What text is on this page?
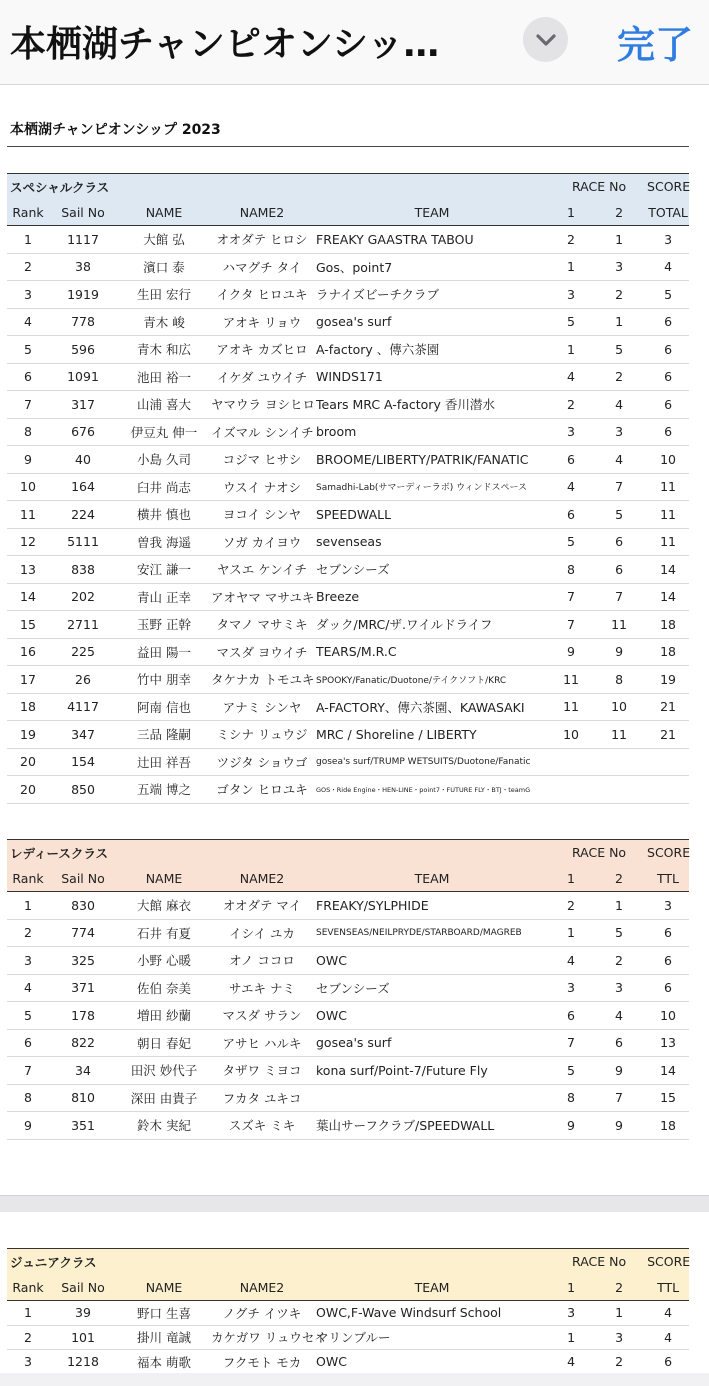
本栖湖チャンピオンシッ…	完了
本栖湖チャンピオンシップ 2023
スペシャルクラス					RACE No		SCORE
Rank	Sail No	NAME	NAME2	TEAM	1	2	TOTAL
1	1117	大館 弘	オオダテ ヒロシ	FREAKY GAASTRA TABOU	2	1	3
2	38	濱口 泰	ハマグチ タイ	Gos、point7	1	3	4
3	1919	生田 宏行	イクタ ヒロユキ	ラナイズビーチクラブ	3	2	5
4	778	青木 峻	アオキ リョウ	gosea's surf	5	1	6
5	596	青木 和広	アオキ カズヒロ	A-factory 、傳六茶園	1	5	6
6	1091	池田 裕一	イケダ ユウイチ	WINDS171	4	2	6
7	317	山浦 喜大	ヤマウラ ヨシヒロ	Tears MRC A-factory 香川潜水	2	4	6
8	676	伊豆丸 伸一	イズマル シンイチ	broom	3	3	6
9	40	小島 久司	コジマ ヒサシ	BROOME/LIBERTY/PATRIK/FANATIC	6	4	10
10	164	臼井 尚志	ウスイ ナオシ	Samadhi-Lab(サマーディーラボ) ウィンドスペース	4	7	11
11	224	横井 慎也	ヨコイ シンヤ	SPEEDWALL	6	5	11
12	5111	曽我 海遥	ソガ カイヨウ	sevenseas	5	6	11
13	838	安江 謙一	ヤスエ ケンイチ	セブンシーズ	8	6	14
14	202	青山 正幸	アオヤマ マサユキ	Breeze	7	7	14
15	2711	玉野 正幹	タマノ マサミキ	ダック/MRC/ザ.ワイルドライフ	7	11	18
16	225	益田 陽一	マスダ ヨウイチ	TEARS/M.R.C	9	9	18
17	26	竹中 朋幸	タケナカ トモユキ	SPOOKY/Fanatic/Duotone/テイクソフト/KRC	11	8	19
18	4117	阿南 信也	アナミ シンヤ	A-FACTORY、傳六茶園、KAWASAKI	11	10	21
19	347	三品 隆嗣	ミシナ リュウジ	MRC / Shoreline / LIBERTY	10	11	21
20	154	辻田 祥吾	ツジタ ショウゴ	gosea's surf/TRUMP WETSUITS/Duotone/Fanatic			
20	850	五端 博之	ゴタン ヒロユキ	GOS・Ride Engine・HEN-LINE・point7・FUTURE FLY・BTJ・teamG			
レディースクラス					RACE No		SCORE
Rank	Sail No	NAME	NAME2	TEAM	1	2	TTL
1	830	大館 麻衣	オオダテ マイ	FREAKY/SYLPHIDE	2	1	3
2	774	石井 有夏	イシイ ユカ	SEVENSEAS/NEILPRYDE/STARBOARD/MAGREB	1	5	6
3	325	小野 心暖	オノ ココロ	OWC	4	2	6
4	371	佐伯 奈美	サエキ ナミ	セブンシーズ	3	3	6
5	178	増田 紗蘭	マスダ サラン	OWC	6	4	10
6	822	朝日 春妃	アサヒ ハルキ	gosea's surf	7	6	13
7	34	田沢 妙代子	タザワ ミヨコ	kona surf/Point-7/Future Fly	5	9	14
8	810	深田 由貴子	フカタ ユキコ		8	7	15
9	351	鈴木 実紀	スズキ ミキ	葉山サーフクラブ/SPEEDWALL	9	9	18
ジュニアクラス					RACE No		SCORE
Rank	Sail No	NAME	NAME2	TEAM	1	2	TTL
1	39	野口 生喜	ノグチ イツキ	OWC,F-Wave Windsurf School	3	1	4
2	101	掛川 竜誠	カケガワ リュウセイ	マリンブルー	1	3	4
3	1218	福本 萌歌	フクモト モカ	OWC	4	2	6
